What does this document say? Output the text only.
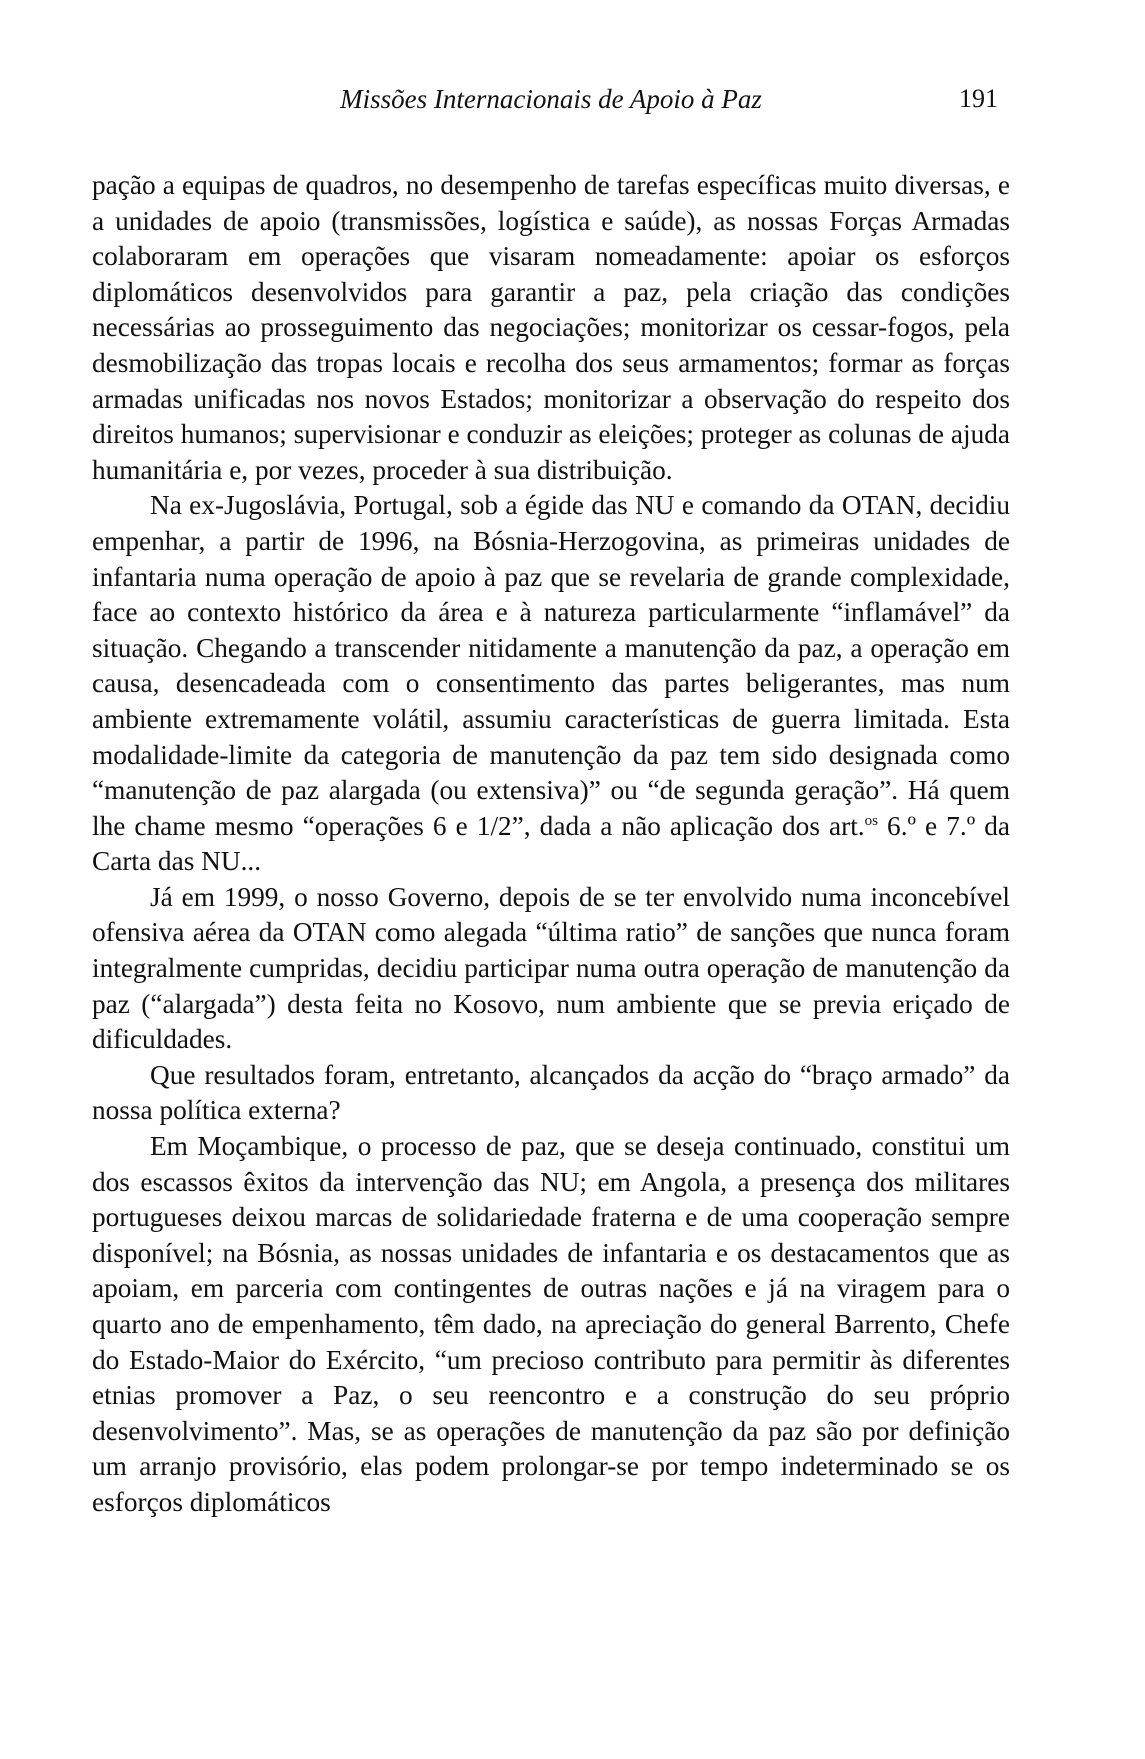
Missões Internacionais de Apoio à Paz	191

pação a equipas de quadros, no desempenho de tarefas específicas muito diversas, e a unidades de apoio (transmissões, logística e saúde), as nossas Forças Armadas colaboraram em operações que visaram nomeadamente: apoiar os esforços diplomáticos desenvolvidos para garantir a paz, pela criação das condições necessárias ao prosseguimento das negociações; monitorizar os cessar-fogos, pela desmobilização das tropas locais e recolha dos seus armamentos; formar as forças armadas unificadas nos novos Estados; monitorizar a observação do respeito dos direitos humanos; supervisionar e conduzir as eleições; proteger as colunas de ajuda humanitária e, por vezes, proceder à sua distribuição.

Na ex-Jugoslávia, Portugal, sob a égide das NU e comando da OTAN, decidiu empenhar, a partir de 1996, na Bósnia-Herzogovina, as primeiras unidades de infantaria numa operação de apoio à paz que se revelaria de grande complexidade, face ao contexto histórico da área e à natureza particularmente “inflamável” da situação. Chegando a transcender nitidamente a manutenção da paz, a operação em causa, desencadeada com o consentimento das partes beligerantes, mas num ambiente extremamente volátil, assumiu características de guerra limitada. Esta modalidade-limite da categoria de manutenção da paz tem sido designada como “manutenção de paz alargada (ou extensiva)” ou “de segunda geração”. Há quem lhe chame mesmo “operações 6 e 1/2”, dada a não aplicação dos art.$^{os}$ 6.º e 7.º da Carta das NU...

Já em 1999, o nosso Governo, depois de se ter envolvido numa inconcebível ofensiva aérea da OTAN como alegada “última ratio” de sanções que nunca foram integralmente cumpridas, decidiu participar numa outra operação de manutenção da paz (“alargada”) desta feita no Kosovo, num ambiente que se previa eriçado de dificuldades.

Que resultados foram, entretanto, alcançados da acção do “braço armado” da nossa política externa?

Em Moçambique, o processo de paz, que se deseja continuado, constitui um dos escassos êxitos da intervenção das NU; em Angola, a presença dos militares portugueses deixou marcas de solidariedade fraterna e de uma cooperação sempre disponível; na Bósnia, as nossas unidades de infantaria e os destacamentos que as apoiam, em parceria com contingentes de outras nações e já na viragem para o quarto ano de empenhamento, têm dado, na apreciação do general Barrento, Chefe do Estado-Maior do Exército, “um precioso contributo para permitir às diferentes etnias promover a Paz, o seu reencontro e a construção do seu próprio desenvolvimento”. Mas, se as operações de manutenção da paz são por definição um arranjo provisório, elas podem prolongar-se por tempo indeterminado se os esforços diplomáticos
